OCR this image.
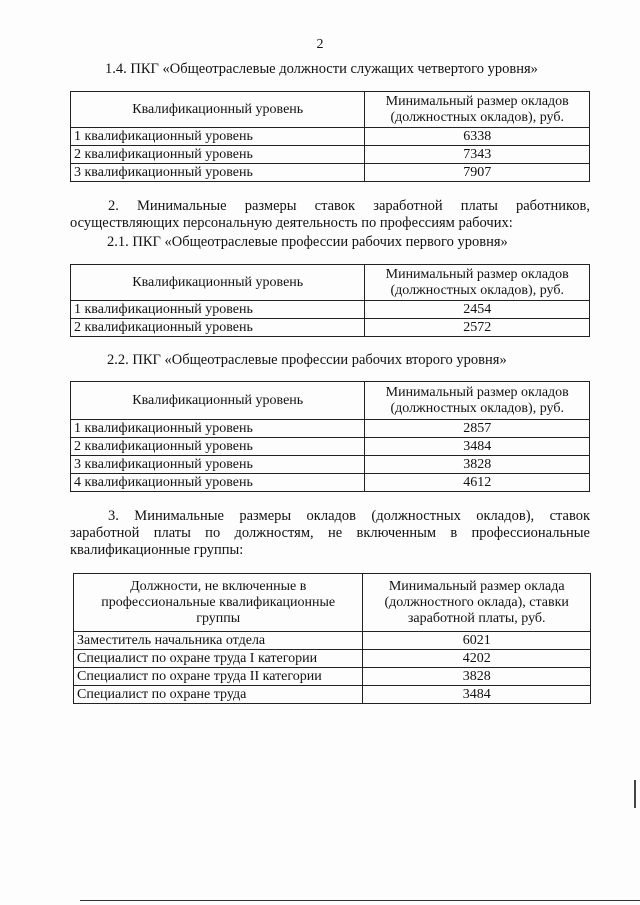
2
1.4. ПКГ «Общеотраслевые должности служащих четвертого уровня»
Квалификационный уровень	Минимальный размер окладов (должностных окладов), руб.
1 квалификационный уровень	6338
2 квалификационный уровень	7343
3 квалификационный уровень	7907
2. Минимальные размеры ставок заработной платы работников,
осуществляющих персональную деятельность по профессиям рабочих:
2.1. ПКГ «Общеотраслевые профессии рабочих первого уровня»
Квалификационный уровень	Минимальный размер окладов (должностных окладов), руб.
1 квалификационный уровень	2454
2 квалификационный уровень	2572
2.2. ПКГ «Общеотраслевые профессии рабочих второго уровня»
Квалификационный уровень	Минимальный размер окладов (должностных окладов), руб.
1 квалификационный уровень	2857
2 квалификационный уровень	3484
3 квалификационный уровень	3828
4 квалификационный уровень	4612
3. Минимальные размеры окладов (должностных окладов), ставок
заработной платы по должностям, не включенным в профессиональные
квалификационные группы:
Должности, не включенные в профессиональные квалификационные группы	Минимальный размер оклада (должностного оклада), ставки заработной платы, руб.
Заместитель начальника отдела	6021
Специалист по охране труда I категории	4202
Специалист по охране труда II категории	3828
Специалист по охране труда	3484
